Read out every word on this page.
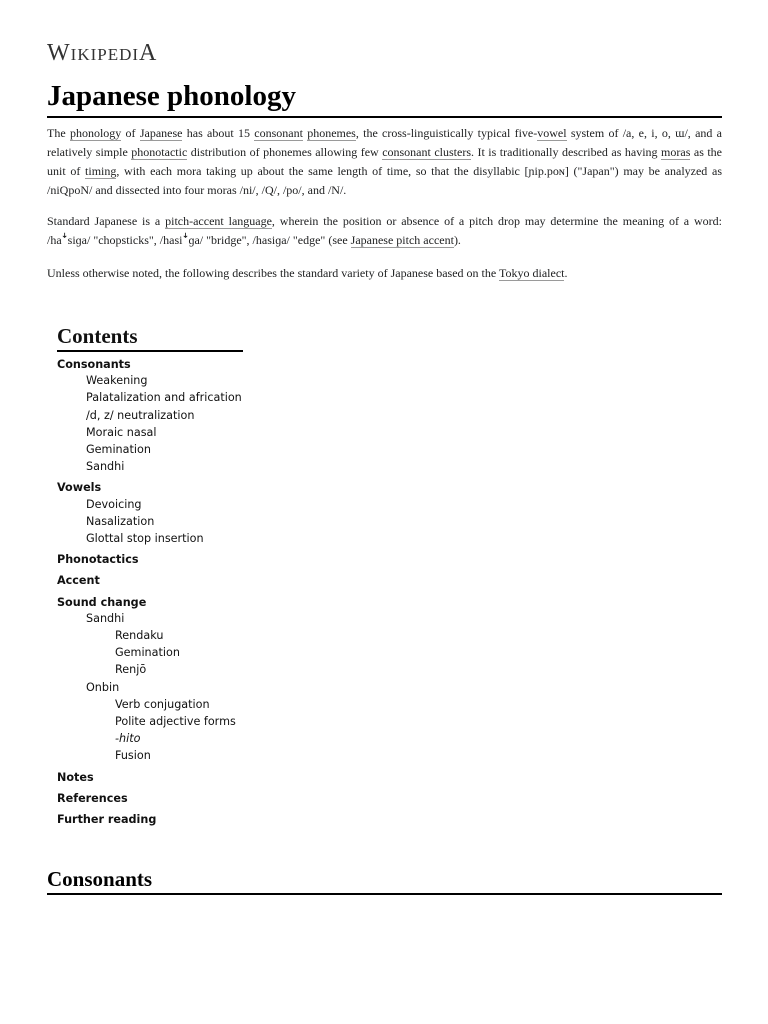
WIKIPEDIA
Japanese phonology

The phonology of Japanese has about 15 consonant phonemes, the cross-linguistically typical five-vowel system of /a, e, i, o, ɯ/, and a relatively simple phonotactic distribution of phonemes allowing few consonant clusters. It is traditionally described as having moras as the unit of timing, with each mora taking up about the same length of time, so that the disyllabic [ɲip.poɴ] ("Japan") may be analyzed as /niQpoN/ and dissected into four moras /ni/, /Q/, /po/, and /N/.

Standard Japanese is a pitch-accent language, wherein the position or absence of a pitch drop may determine the meaning of a word: /haꜜsiɡa/ "chopsticks", /hasiꜜɡa/ "bridge", /hasiɡa/ "edge" (see Japanese pitch accent).

Unless otherwise noted, the following describes the standard variety of Japanese based on the Tokyo dialect.

Contents
Consonants
Weakening
Palatalization and africation
/d, z/ neutralization
Moraic nasal
Gemination
Sandhi
Vowels
Devoicing
Nasalization
Glottal stop insertion
Phonotactics
Accent
Sound change
Sandhi
Rendaku
Gemination
Renjō
Onbin
Verb conjugation
Polite adjective forms
-hito
Fusion
Notes
References
Further reading
Consonants
